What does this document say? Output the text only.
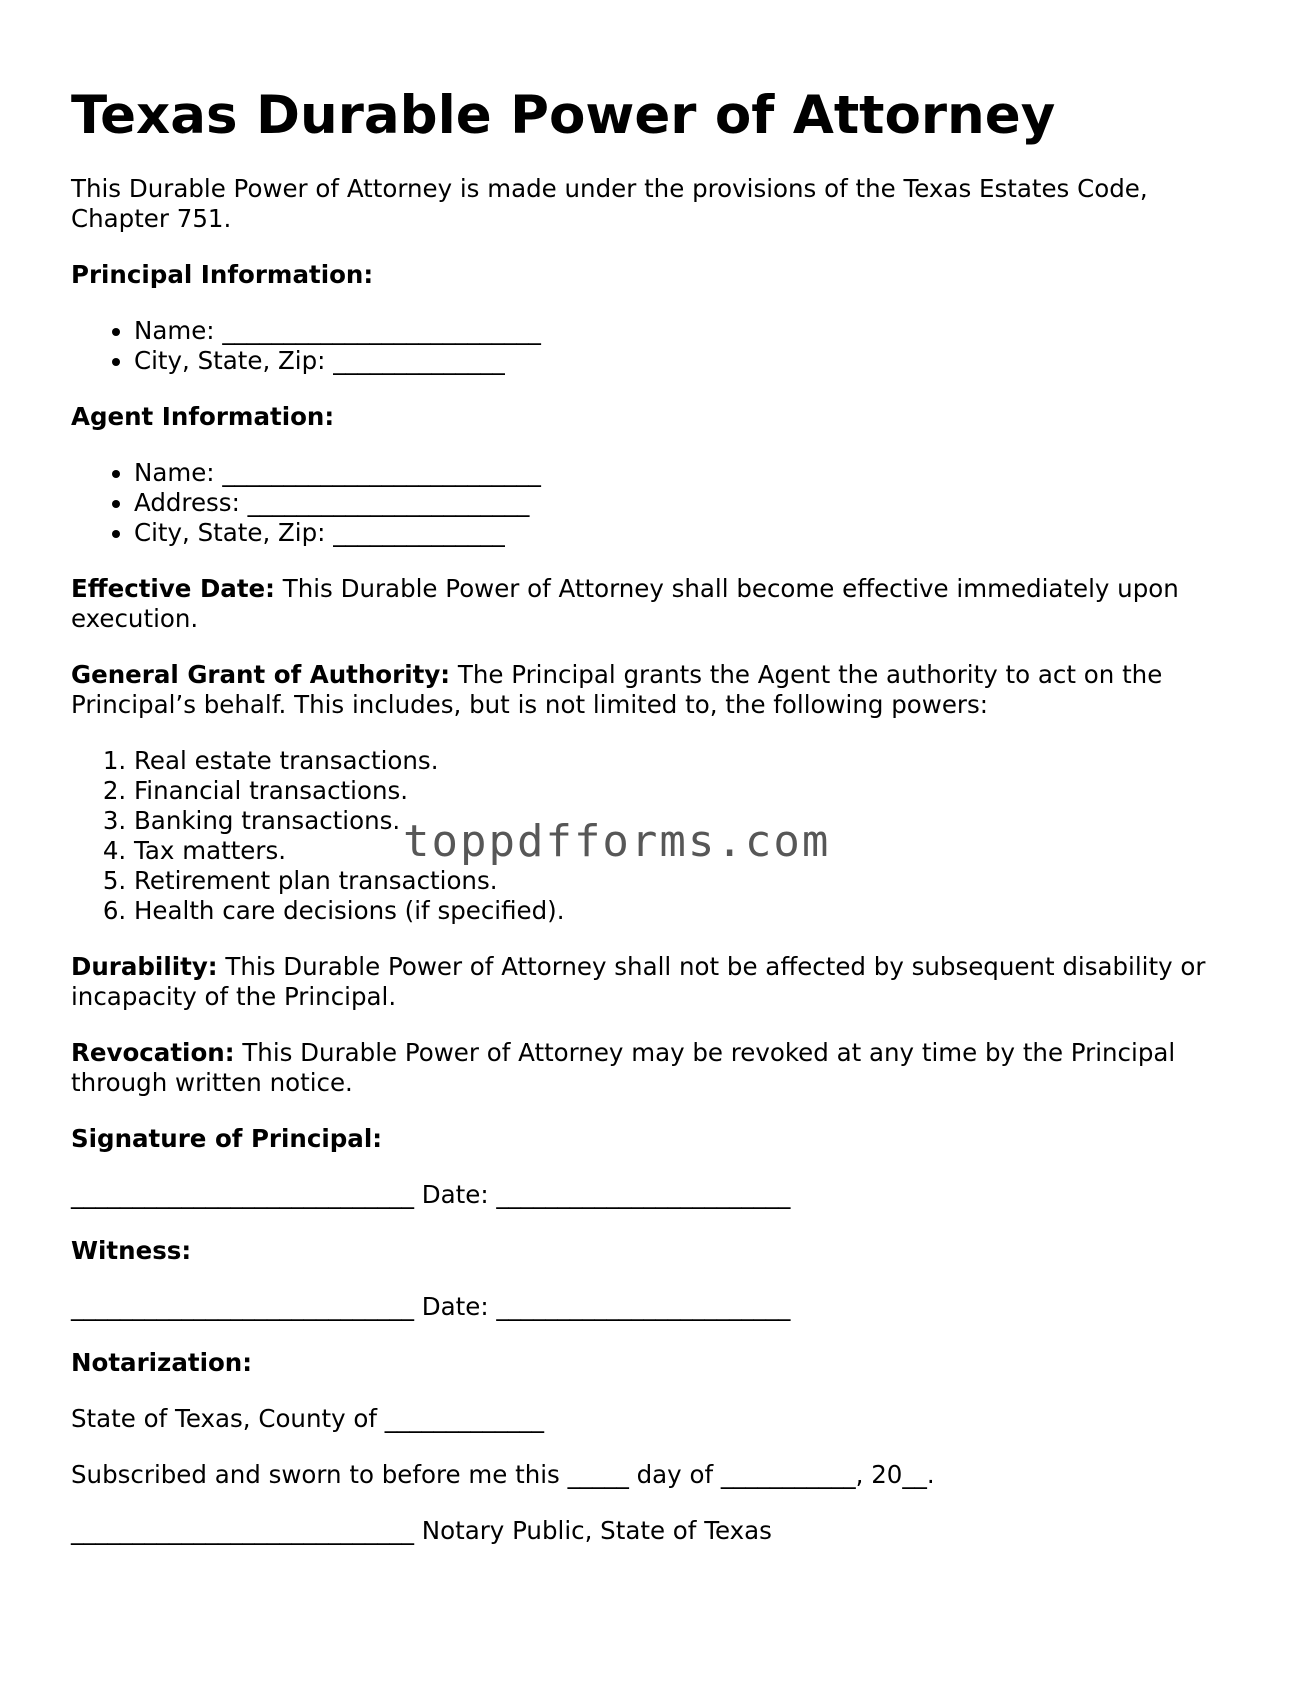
Texas Durable Power of Attorney

This Durable Power of Attorney is made under the provisions of the Texas Estates Code, Chapter 751.

Principal Information:

• Name: __________________________
• City, State, Zip: ______________

Agent Information:

• Name: __________________________
• Address: _______________________
• City, State, Zip: ______________

Effective Date: This Durable Power of Attorney shall become effective immediately upon execution.

General Grant of Authority: The Principal grants the Agent the authority to act on the Principal’s behalf. This includes, but is not limited to, the following powers:

1. Real estate transactions.
2. Financial transactions.
3. Banking transactions.
4. Tax matters.
5. Retirement plan transactions.
6. Health care decisions (if specified).

Durability: This Durable Power of Attorney shall not be affected by subsequent disability or incapacity of the Principal.

Revocation: This Durable Power of Attorney may be revoked at any time by the Principal through written notice.

Signature of Principal:

____________________________ Date: ________________________

Witness:

____________________________ Date: ________________________

Notarization:

State of Texas, County of _____________

Subscribed and sworn to before me this _____ day of ___________, 20__.

____________________________ Notary Public, State of Texas

toppdfforms.com
